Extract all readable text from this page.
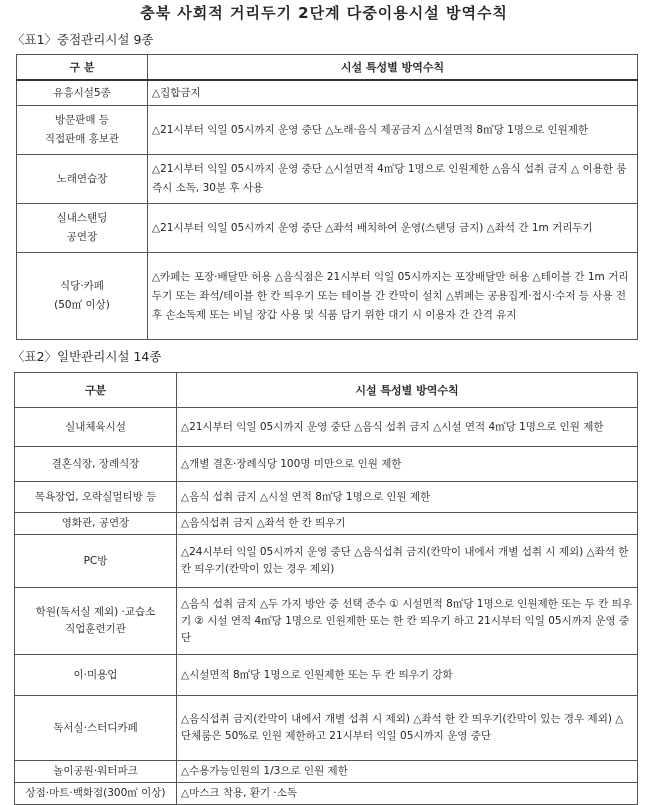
충북 사회적 거리두기 2단계 다중이용시설 방역수칙
〈표1〉중점관리시설 9종
구 분	시설 특성별 방역수칙
유흥시설5종	△집합금지
방문판매 등
직접판매 홍보관	△21시부터 익일 05시까지 운영 중단 △노래·음식 제공금지 △시설면적 8㎡당 1명으로 인원제한
노래연습장	△21시부터 익일 05시까지 운영 중단 △시설면적 4㎡당 1명으로 인원제한 △음식 섭취 금지 △ 이용한 룸 즉시 소독, 30분 후 사용
실내스탠딩
공연장	△21시부터 익일 05시까지 운영 중단 △좌석 배치하여 운영(스탠딩 금지) △좌석 간 1m 거리두기
식당·카페
(50㎡ 이상)	△카페는 포장·배달만 허용 △음식점은 21시부터 익일 05시까지는 포장배달만 허용 △테이블 간 1m 거리두기 또는 좌석/테이블 한 칸 띄우기 또는 테이블 간 칸막이 설치 △뷔페는 공용집게·접시·수저 등 사용 전후 손소독제 또는 비닐 장갑 사용 및 식품 담기 위한 대기 시 이용자 간 간격 유지
〈표2〉일반관리시설 14종
구분	시설 특성별 방역수칙
실내체육시설	△21시부터 익일 05시까지 운영 중단 △음식 섭취 금지 △시설 연적 4㎡당 1명으로 인원 제한
결혼식장, 장례식장	△개별 결혼·장례식당 100명 미만으로 인원 제한
목욕장업, 오락실멀티방 등	△음식 섭취 금지 △시설 연적 8㎡당 1명으로 인원 제한
영화관, 공연장	△음식섭취 금지 △좌석 한 칸 띄우기
PC방	△24시부터 익일 05시까지 운영 중단 △음식섭취 금지(칸막이 내에서 개별 섭취 시 제외) △좌석 한 칸 띄우기(칸막이 있는 경우 제외)
학원(독서실 제외) ·교습소
직업훈련기관	△음식 섭취 금지 △두 가지 방안 중 선택 준수 ① 시설면적 8㎡당 1명으로 인원제한 또는 두 칸 띄우기 ② 시설 연적 4㎡당 1명으로 인원제한 또는 한 칸 띄우기 하고 21시부터 익일 05시까지 운영 중단
이·미용업	△시설면적 8㎡당 1명으로 인원제한 또는 두 칸 띄우기 강화
독서실·스터디카페	△음식섭취 금지(칸막이 내에서 개별 섭취 시 제외) △좌석 한 칸 띄우기(칸막이 있는 경우 제외) △단체룸은 50%로 인원 제한하고 21시부터 익일 05시까지 운영 중단
놀이공원·워터파크	△수용가능인원의 1/3으로 인원 제한
상점·마트·백화점(300㎡ 이상)	△마스크 착용, 환기 ·소독
